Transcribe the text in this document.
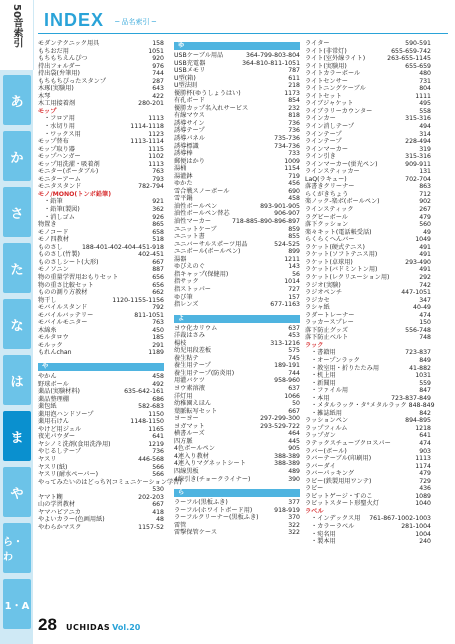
50音索引
あ
か
さ
た
な
は
ま
や
ら・わ
1・A
INDEX ─ 品名索引 ─
モダンテクニック用具	158
もちおだ用	1051
もちもちえんぴつ	920
持出フォルダー	976
持出袋(弁筆用)	744
もちもちぴったスタンプ	287
木琢(実験用)	643
木琴	422
木工用接着剤	280-201
モップ
・フロア用	1113
・水切り用	1114-1118
・ワックス用	1123
モップ替布	1113-1114
モップ取り器	1115
モップハンガー	1102
モップ用洗濯・吸着剤	1113
モニター(ポータブル)	763
モニターアーム	793
モニタスタンド	782-794
モノ/MONO(トンボ鉛筆)
・鉛筆	921
・鉛筆(製図)	362
・消しゴム	926
物置き	865
モノコード	658
モノ四教材	518
ものさし	188-401-402-404-451-918
ものさし(竹製)	402-451
ものさしシート(大形)	667
モノソニン	887
物の重量学習用おもりセット	656
物の重さ比較セット	656
ものの測り方教材	662
物干し	1120-1155-1156
モバイルスタンド	792
モバイルバッテリー	811-1051
モバイルモニター	763
木綿糸	450
モルタロウ	185
モルック	291
もれんchan	1189
や
やかん	458
野球ボール	492
薬品(実験材料)	635-642-161
薬品整理棚	686
薬包紙	582-683
薬用泡ハンドソープ	1150
薬用石けん	1148-1150
やけど用ジェル	1165
夜光パウダー	641
ヤシノミ洗剤(食用洗浄用)	1219
やじるしテープ	736
ヤスリ	446-568
ヤスリ(紙)	566
ヤスリ(耐水ペーパー)	566
やってみたいのはどっち?(コミュニケーション学習)
530
ヤマト糊	202-203
山の学習教材	667
ヤマハピアニカ	418
やよいカラー(色画用紙)	48
やわらかマスク	1157-52
ゆ
USBケーブル用品	364-799-803-804
USB充電器	364-810-811-1051
USBメモリ	787
U型(箱)	611
U型法則	218
優勝杯(ゆうしょうはい)	1173
有孔ボード	854
優勝カップ名入れサービス	232
有線マウス	818
誘導サイン	736
誘導テープ	736
誘導パネル	735-736
誘導標識	734-736
誘導棒	733
郵便はかり	1009
湯桶	1154
湯灌鉢	719
ゆかた	456
雪合戦スノーボール	690
雪平鍋	458
油性ボールペン	893-901-905
油性ボールペン替芯	906-907
油性マーカー	718-885-890-896-897
ユニットケーブ	859
ユニット書	855
ユニバーサルスポーツ用品	524-525
ユニボール(ボールペン)	899
湯器	1211
ゆびえのぐ	143
指キャップ(保健用)	56
指サック	1014
指ストッパー	727
ゆび筆	157
指レンズ	677-1163
よ
ヨウ化カリウム	637
洋裁はさみ	453
楊枝	313-1216
幼児用段差板	575
養生粘テ	745
養生用テープ	189-191
養生用テープ(防炎用)	744
用灌バケツ	958-960
ヨウ素溶液	637
洋灯用	1066
幼稚園えほん	50
葉脈転写セット	667
ヨーヨー	297-299-300
ヨガマット	293-529-722
横書ルーズ	464
四方脈	445
4色ボールペン	905
4連入り教材	388-389
4連入りマグネットシート	388-389
四線黒板	489
4線引き(チョークライナー)	390
ら
ラーフル(黒板ふき)	377
ラーフル(ホワイトボード用)	918-919
ラーフルクリーナー(黒板ふき)	370
雷管	322
雷撃保管ケース	322
ライター	590-591
ライト(非常灯)	655-659-742
ライト(室外線ライト)	263-655-1145
ライト(実験用)	655-659
ライトカラーボール	480
ライトセンサー	731
ライトニングケーブル	804
ライトセット	1111
ライブジャケット	495
ライブラリーカウンター	558
ラインカー	315-316
ライン消しテープ	494
ラインテープ	314
ラインテープ	228-494
ラインマーカー	319
ライン引き	315-316
ラインマーカー(蛍光ペン)	909-911
ラインスティッカー	131
LaQ(ラキュー)	702-704
落書きクリーナー	863
らくがきちょう	712
楽ノック-楽ボ(ボールペン)	902
ラインスティック	267
ラグビーボール	479
落下クッション	560
楽々キット(電話帳受話)	49
らくらくへんバー	1049
ラケット(硬式テニス)	491
ラケット(ソフトテニス用)	491
ラケット(卓球用)	293-490
ラケット(バドミントン用)	491
ラケット(レクリエーション用)	292
ラジオ(実験)	742
ラジオペンチ	447-1051
ラジカセ	347
ラシャ紙	40-49
ラダートレーナー	474
ラッカースプレー	150
落下防止グッズ	556-748
落下防止ベルト	748
ラック
・書籍用	723-837
・オープンラック	849
・教室用・折りたたみ用	41-882
・机上用	1031
・新聞用	559
・ファイル用	847
・本用	723-837-849
・メタルラック・タ°メタルラック 848-849
・雑誌紙用	842
ラッションペン	894-895
ラップフィルム	1218
ラップガン	641
ラテックスチューブクロスパー	474
ラバー(ボール)	903
ラバーテーブル(印刷用)	1113
ラバーダイ	1174
ラバーパッキング	479
ラビー(鉄製用用ワンテ)	729
ラビー	436
ラビットゲージ・すのこ	1089
ラビットスタート形聖火灯	1040
ラベル
・インデックス用	761-867-1002-1003
・カラーラベル	281-1004
・宛名用	1004
・製本用	240
28 UCHIDAS Vol.20
